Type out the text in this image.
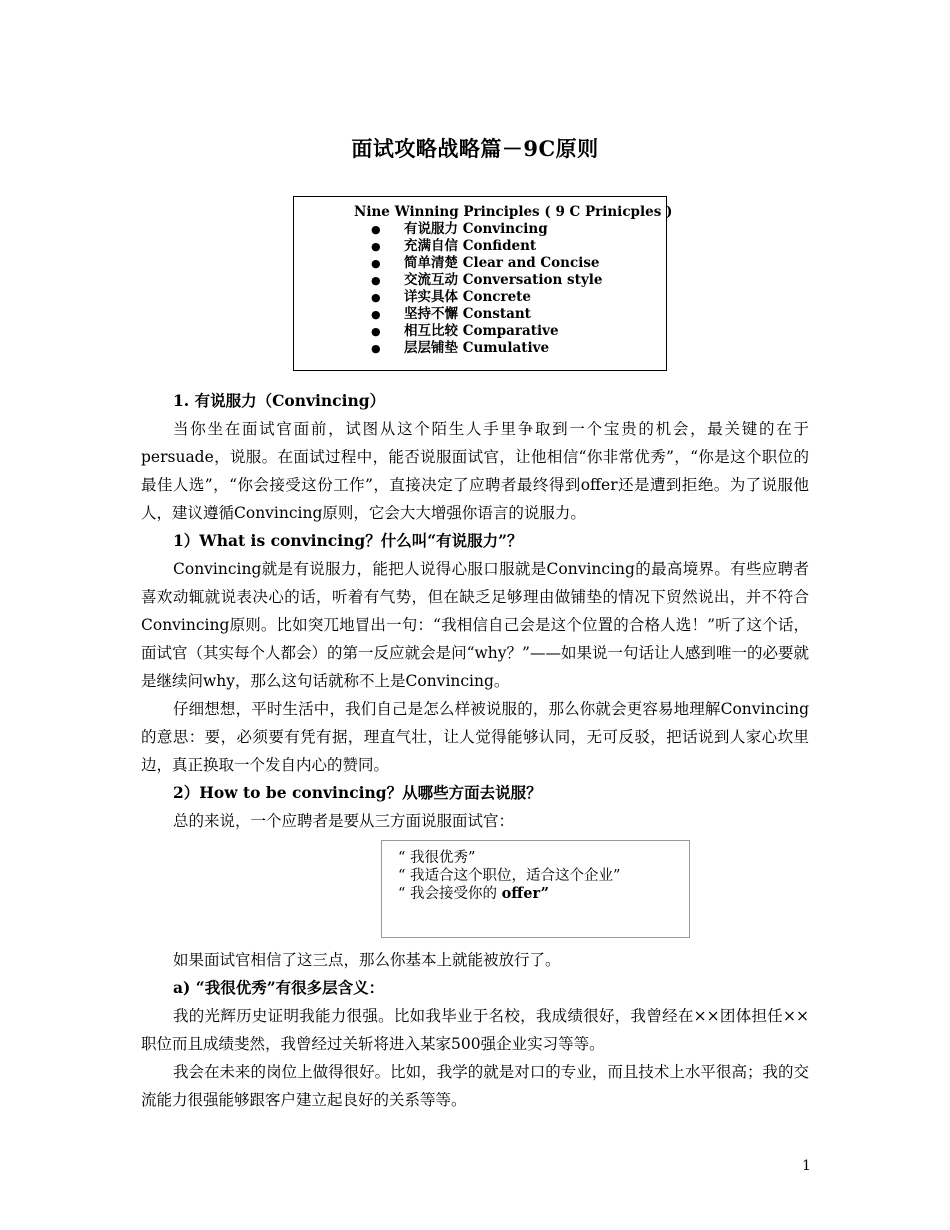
面试攻略战略篇－9C原则
Nine Winning Principles ( 9 C Prinicples )
● 有说服力 Convincing
● 充满自信 Confident
● 简单清楚 Clear and Concise
● 交流互动 Conversation style
● 详实具体 Concrete
● 坚持不懈 Constant
● 相互比较 Comparative
● 层层铺垫 Cumulative
1. 有说服力（Convincing）
当你坐在面试官面前，试图从这个陌生人手里争取到一个宝贵的机会，最关键的在于persuade，说服。在面试过程中，能否说服面试官，让他相信“你非常优秀”，“你是这个职位的最佳人选”，“你会接受这份工作”，直接决定了应聘者最终得到offer还是遭到拒绝。为了说服他人，建议遵循Convincing原则，它会大大增强你语言的说服力。
1）What is convincing？什么叫“有说服力”？
Convincing就是有说服力，能把人说得心服口服就是Convincing的最高境界。有些应聘者喜欢动辄就说表决心的话，听着有气势，但在缺乏足够理由做铺垫的情况下贸然说出，并不符合Convincing原则。比如突兀地冒出一句：“我相信自己会是这个位置的合格人选！”听了这个话，面试官（其实每个人都会）的第一反应就会是问“why？”——如果说一句话让人感到唯一的必要就是继续问why，那么这句话就称不上是Convincing。
仔细想想，平时生活中，我们自己是怎么样被说服的，那么你就会更容易地理解Convincing的意思：要，必须要有凭有据，理直气壮，让人觉得能够认同，无可反驳，把话说到人家心坎里边，真正换取一个发自内心的赞同。
2）How to be convincing？从哪些方面去说服？
总的来说，一个应聘者是要从三方面说服面试官：
“ 我很优秀”
“ 我适合这个职位，适合这个企业”
“ 我会接受你的 offer”
如果面试官相信了这三点，那么你基本上就能被放行了。
a) “我很优秀”有很多层含义：
我的光辉历史证明我能力很强。比如我毕业于名校，我成绩很好，我曾经在××团体担任××职位而且成绩斐然，我曾经过关斩将进入某家500强企业实习等等。
我会在未来的岗位上做得很好。比如，我学的就是对口的专业，而且技术上水平很高；我的交流能力很强能够跟客户建立起良好的关系等等。
1
